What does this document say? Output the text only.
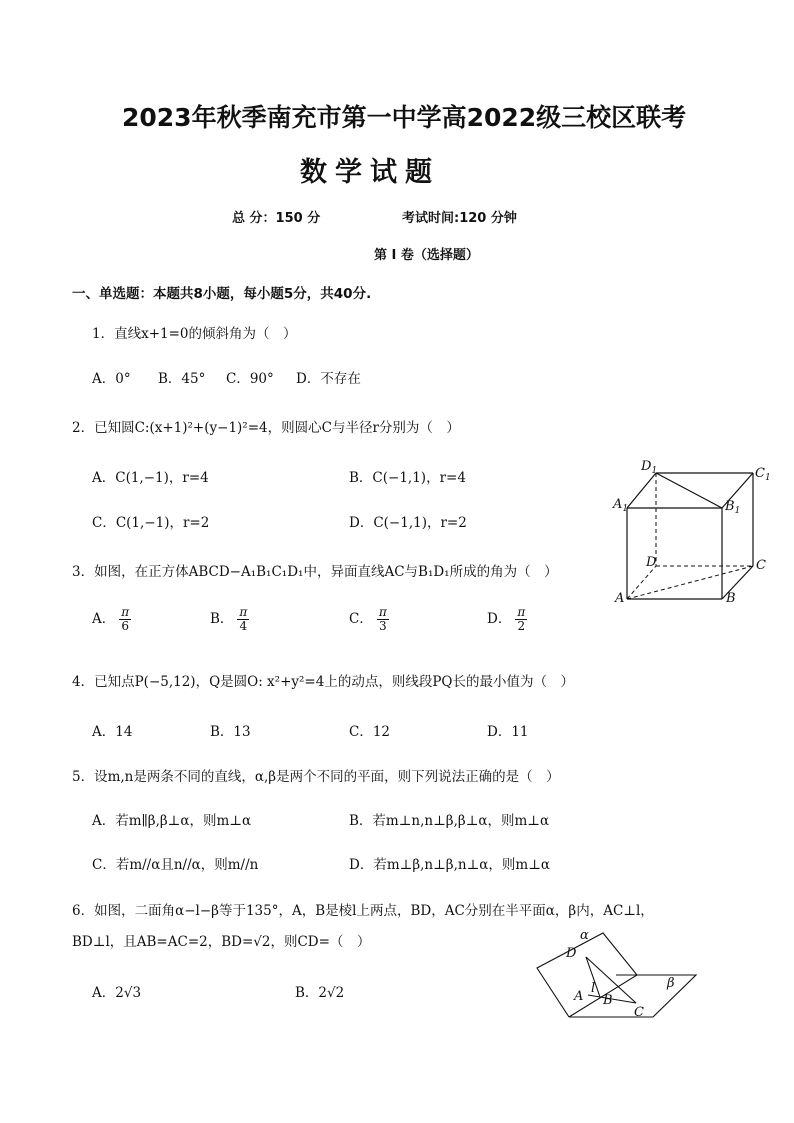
2023年秋季南充市第一中学高2022级三校区联考
数学试题
总 分：150 分	考试时间:120 分钟
第 I 卷（选择题）
一、单选题：本题共8小题，每小题5分，共40分.
1．直线x+1=0的倾斜角为（　）
A．0° B．45° C．90° D．不存在
2．已知圆C:(x+1)²+(y−1)²=4，则圆心C与半径r分别为（　）
A．C(1,−1)，r=4	B．C(−1,1)，r=4
C．C(1,−1)，r=2	D．C(−1,1)，r=2
3．如图，在正方体ABCD−A₁B₁C₁D₁中，异面直线AC与B₁D₁所成的角为（　）
A． $\frac{\pi}{6}$	B． $\frac{\pi}{4}$	C． $\frac{\pi}{3}$	D． $\frac{\pi}{2}$
4．已知点P(−5,12)，Q是圆O: x²+y²=4上的动点，则线段PQ长的最小值为（　）
A．14	B．13	C．12	D．11
5．设m,n是两条不同的直线，α,β是两个不同的平面，则下列说法正确的是（　）
A．若m∥β,β⊥α，则m⊥α	B．若m⊥n,n⊥β,β⊥α，则m⊥α
C．若m//α且n//α，则m//n	D．若m⊥β,n⊥β,n⊥α，则m⊥α
6．如图，二面角α−l−β等于135°，A，B是棱l上两点，BD，AC分别在半平面α，β内，AC⊥l，
BD⊥l，且AB=AC=2，BD=√2，则CD=（　）
A．2√3	B．2√2
$D_1$	$C_1$
$A_1$	$B_1$
D	C
A	B
α
β
D
A
l
B
C
